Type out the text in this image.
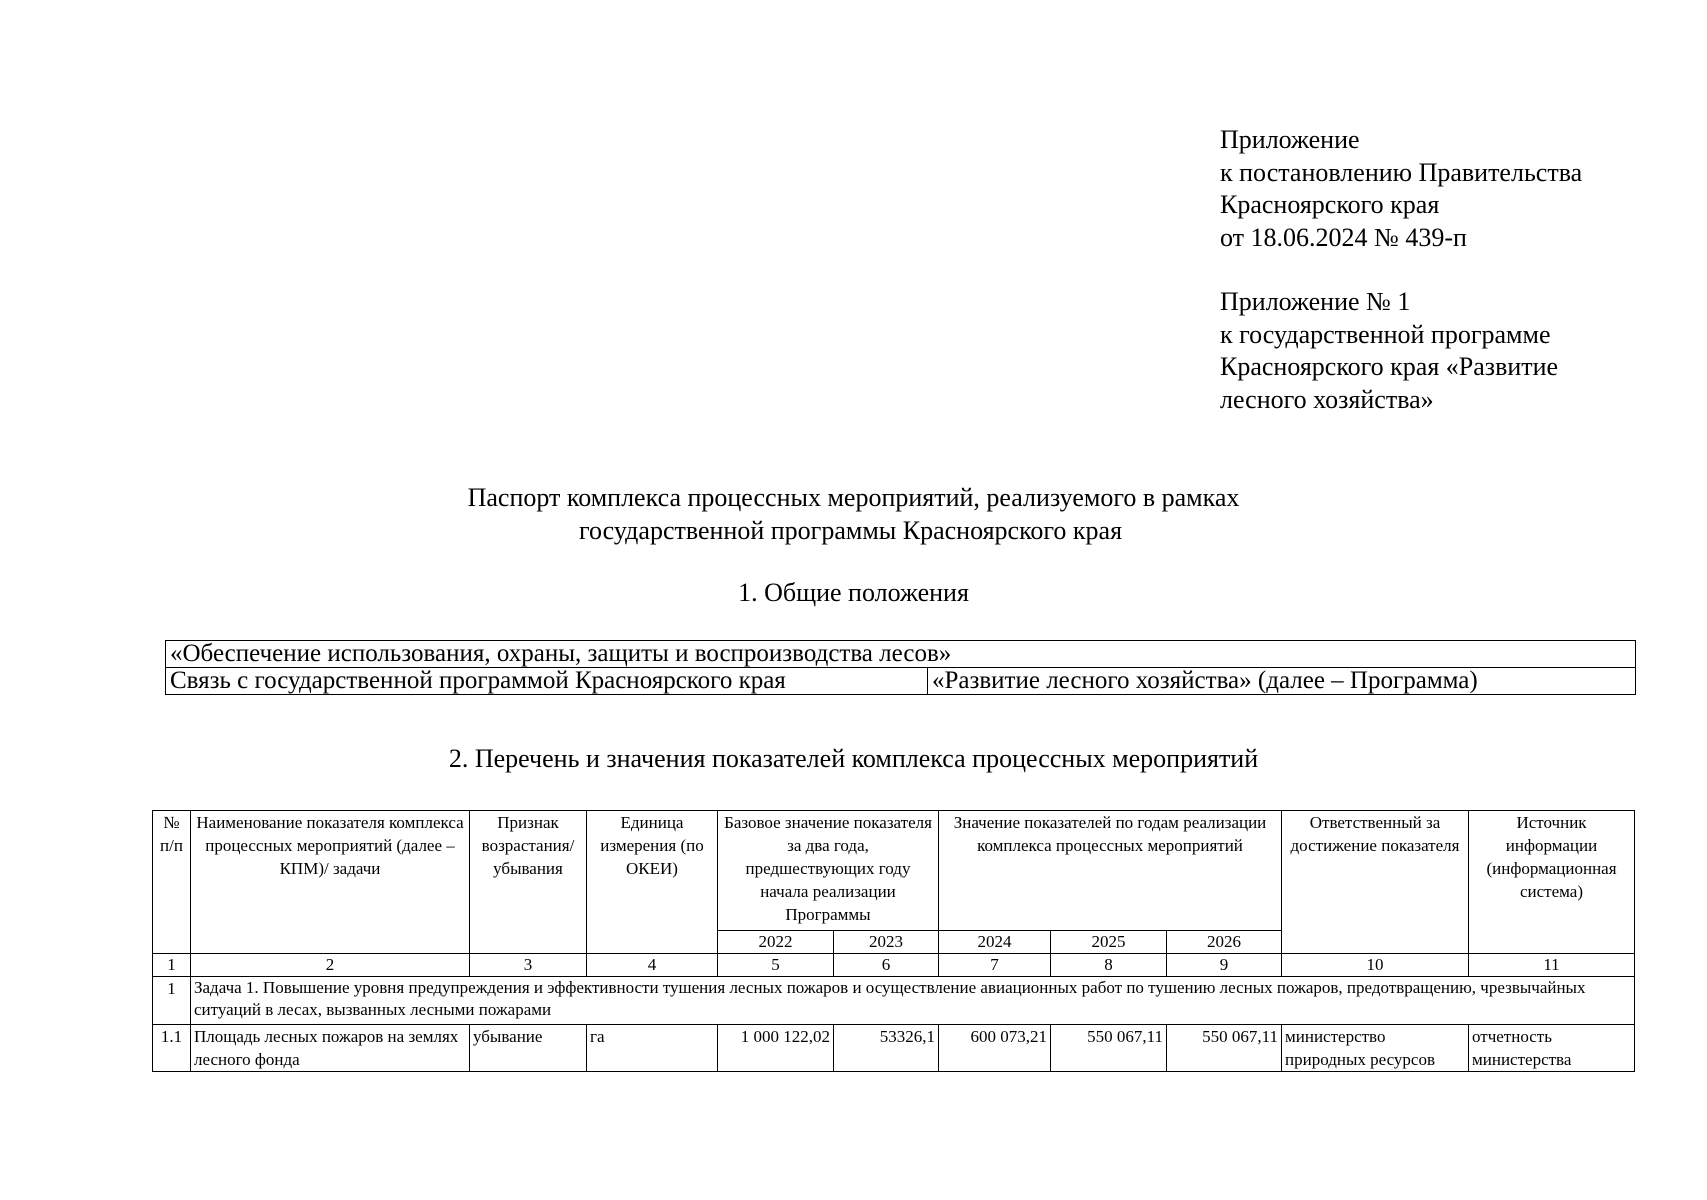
Приложение
к постановлению Правительства
Красноярского края
от 18.06.2024 № 439-п
Приложение № 1
к государственной программе
Красноярского края «Развитие
лесного хозяйства»
Паспорт комплекса процессных мероприятий, реализуемого в рамках
государственной программы Красноярского края
1. Общие положения
«Обеспечение использования, охраны, защиты и воспроизводства лесов»
Связь с государственной программой Красноярского края	«Развитие лесного хозяйства» (далее – Программа)
2. Перечень и значения показателей комплекса процессных мероприятий
№ п/п	Наименование показателя комплекса процессных мероприятий (далее – КПМ)/ задачи	Признак возрастания/ убывания	Единица измерения (по ОКЕИ)	Базовое значение показателя за два года, предшествующих году начала реализации Программы		Значение показателей по годам реализации комплекса процессных мероприятий			Ответственный за достижение показателя	Источник информации (информационная система)
				2022	2023	2024	2025	2026		
1	2	3	4	5	6	7	8	9	10	11
1	Задача 1. Повышение уровня предупреждения и эффективности тушения лесных пожаров и осуществление авиационных работ по тушению лесных пожаров, предотвращению, чрезвычайных ситуаций в лесах, вызванных лесными пожарами									
1.1	Площадь лесных пожаров на землях лесного фонда	убывание	га	1 000 122,02	53326,1	600 073,21	550 067,11	550 067,11	министерство природных ресурсов	отчетность министерства
